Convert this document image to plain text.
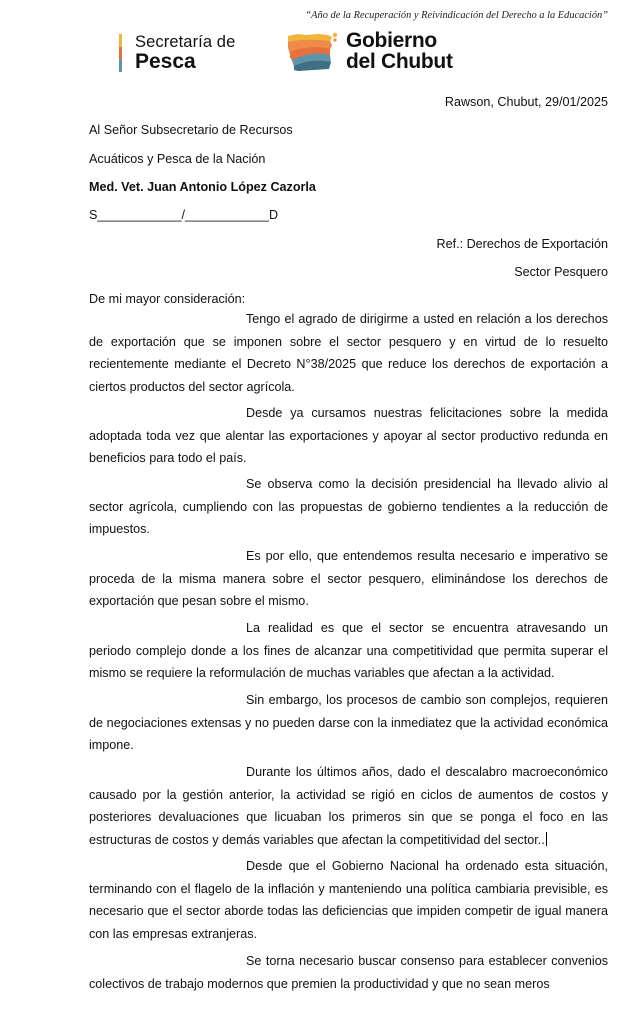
“Año de la Recuperación y Reivindicación del Derecho a la Educación”
Secretaría de
Pesca
Gobierno
del Chubut
Rawson, Chubut, 29/01/2025
Al Señor Subsecretario de Recursos
Acuáticos y Pesca de la Nación
Med. Vet. Juan Antonio López Cazorla
S____________/____________D
Ref.: Derechos de Exportación
Sector Pesquero
De mi mayor consideración:

Tengo el agrado de dirigirme a usted en relación a los derechos de exportación que se imponen sobre el sector pesquero y en virtud de lo resuelto recientemente mediante el Decreto N°38/2025 que reduce los derechos de exportación a ciertos productos del sector agrícola.

Desde ya cursamos nuestras felicitaciones sobre la medida adoptada toda vez que alentar las exportaciones y apoyar al sector productivo redunda en beneficios para todo el país.

Se observa como la decisión presidencial ha llevado alivio al sector agrícola, cumpliendo con las propuestas de gobierno tendientes a la reducción de impuestos.

Es por ello, que entendemos resulta necesario e imperativo se proceda de la misma manera sobre el sector pesquero, eliminándose los derechos de exportación que pesan sobre el mismo.

La realidad es que el sector se encuentra atravesando un periodo complejo donde a los fines de alcanzar una competitividad que permita superar el mismo se requiere la reformulación de muchas variables que afectan a la actividad.

Sin embargo, los procesos de cambio son complejos, requieren de negociaciones extensas y no pueden darse con la inmediatez que la actividad económica impone.

Durante los últimos años, dado el descalabro macroeconómico causado por la gestión anterior, la actividad se rigió en ciclos de aumentos de costos y posteriores devaluaciones que licuaban los primeros sin que se ponga el foco en las estructuras de costos y demás variables que afectan la competitividad del sector..

Desde que el Gobierno Nacional ha ordenado esta situación, terminando con el flagelo de la inflación y manteniendo una política cambiaria previsible, es necesario que el sector aborde todas las deficiencias que impiden competir de igual manera con las empresas extranjeras.

Se torna necesario buscar consenso para establecer convenios colectivos de trabajo modernos que premien la productividad y que no sean meros
